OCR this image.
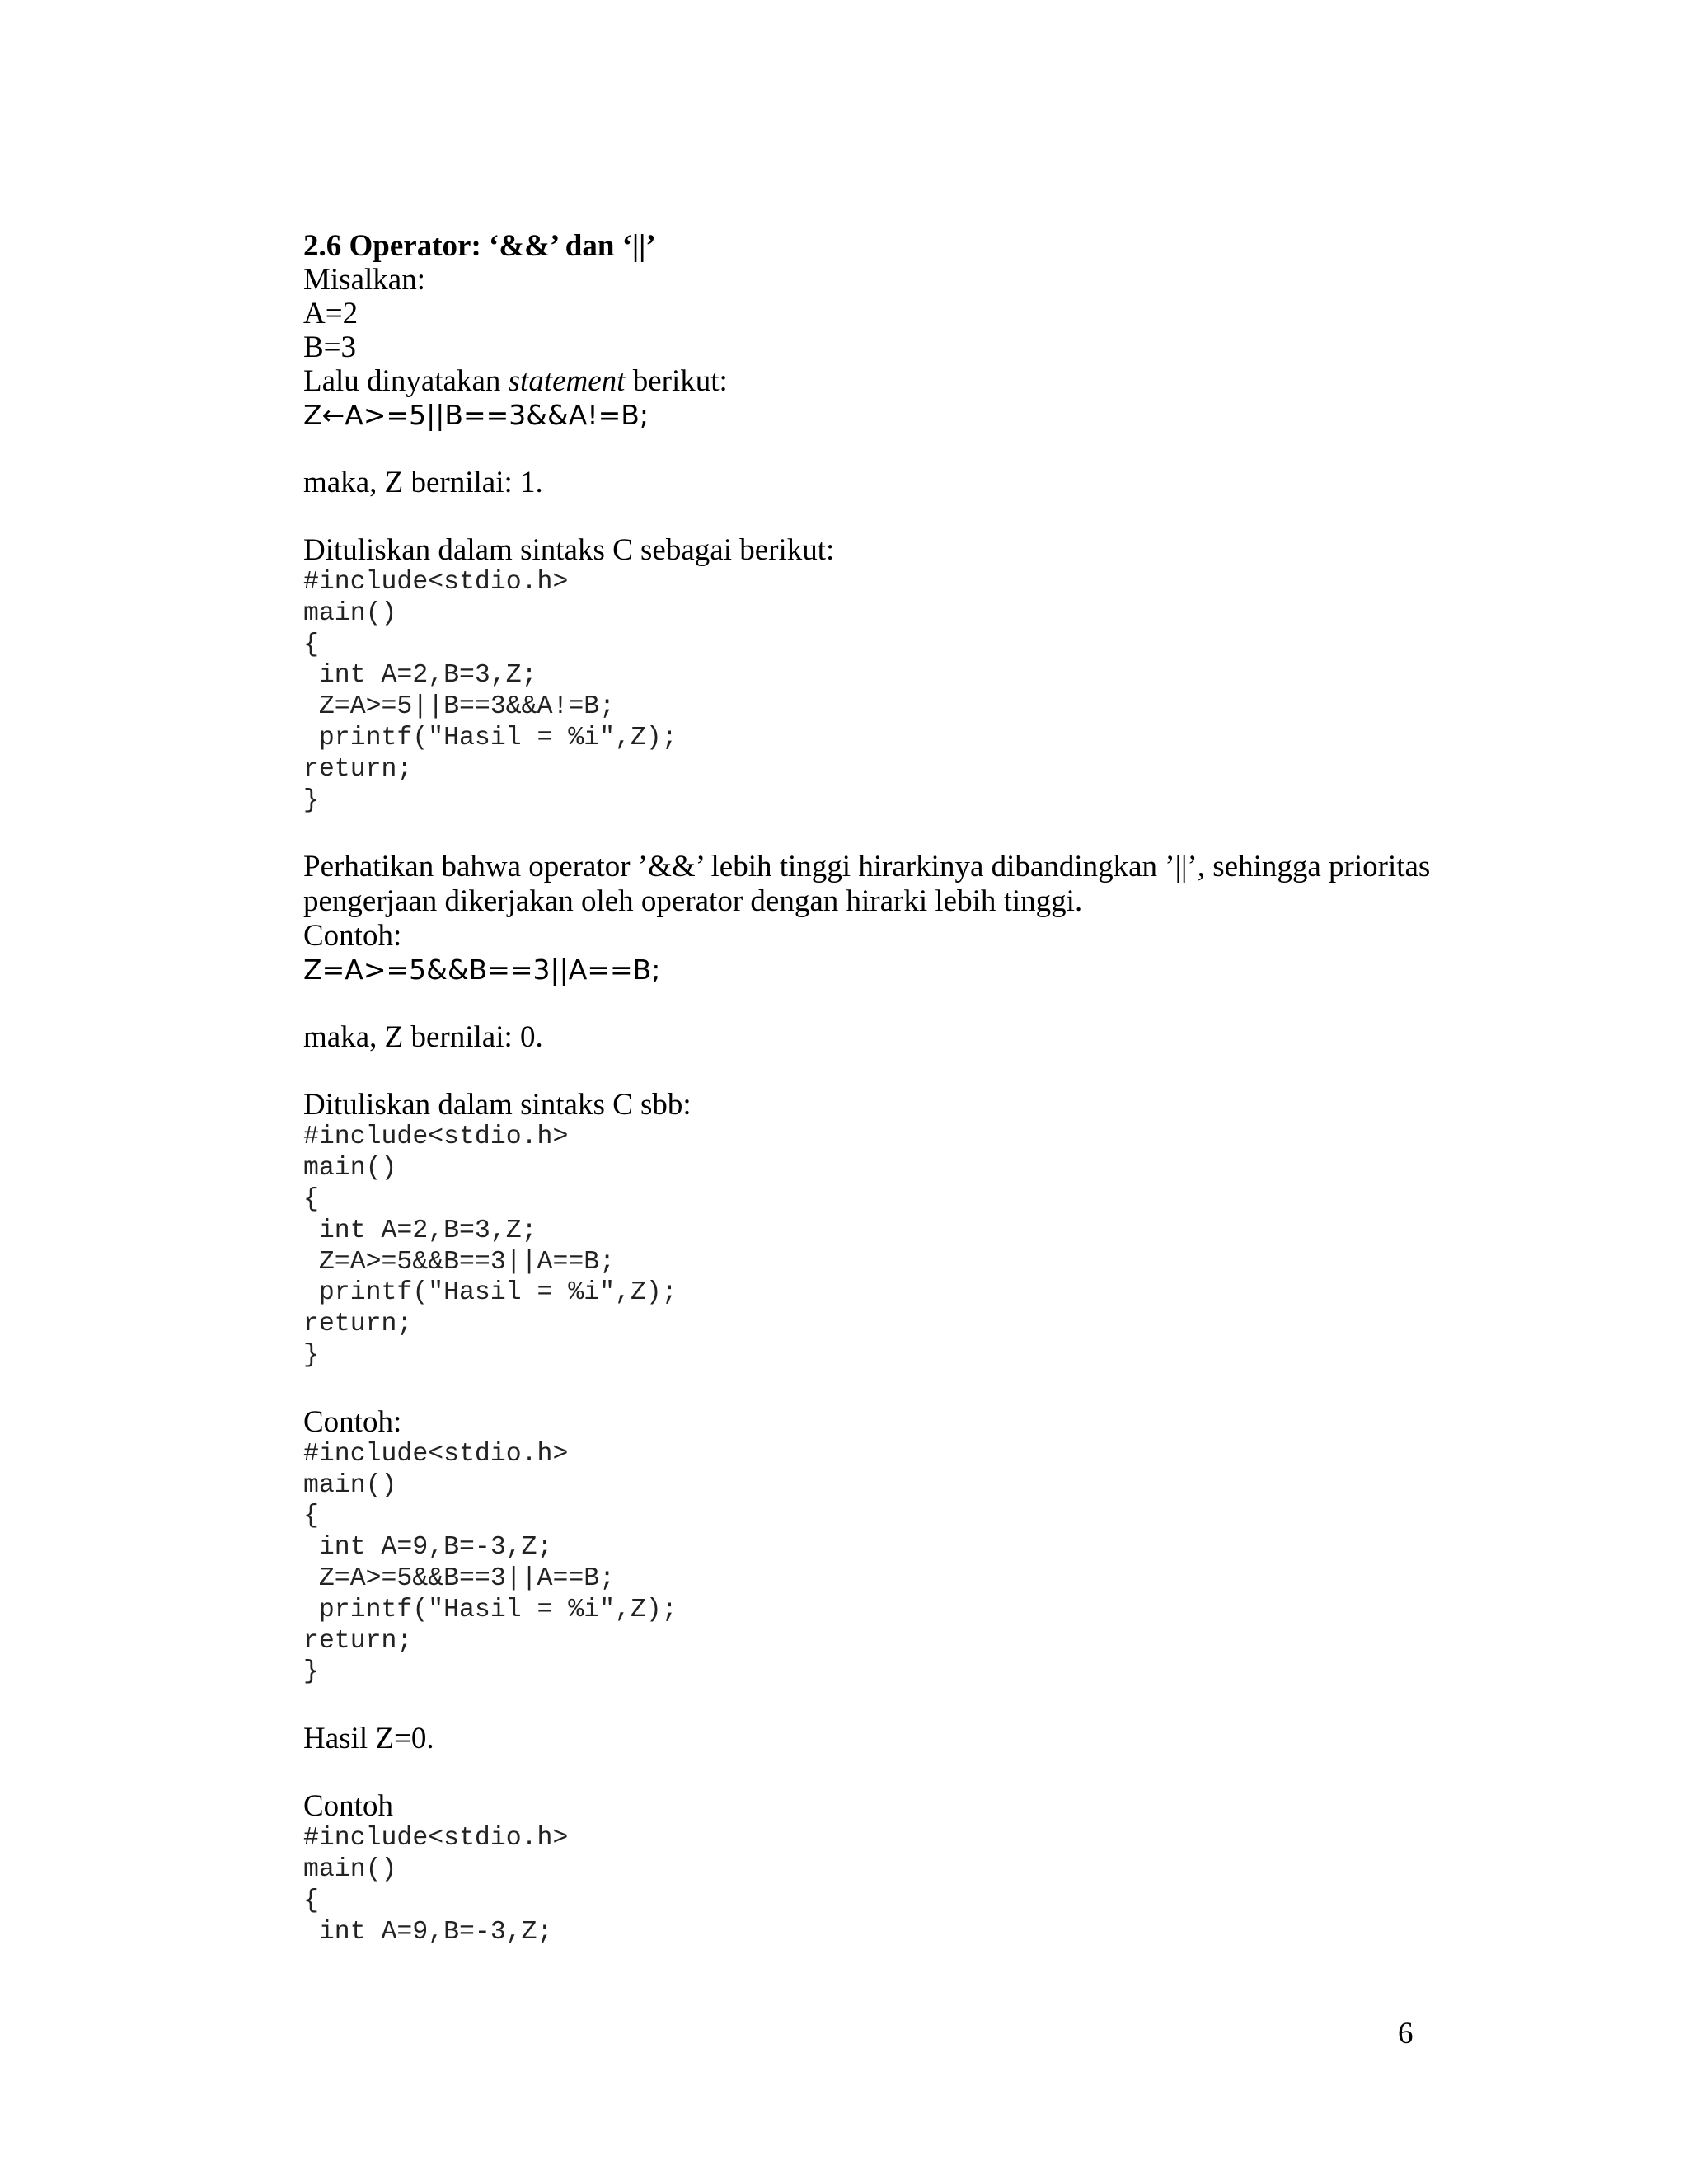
2.6 Operator: ‘&&’ dan ‘||’

Misalkan:

A=2

B=3

Lalu dinyatakan statement berikut:

Z←A>=5||B==3&&A!=B;

maka, Z bernilai: 1.

Dituliskan dalam sintaks C sebagai berikut:

#include<stdio.h>

main()

{

int A=2,B=3,Z;

Z=A>=5||B==3&&A!=B;

printf("Hasil = %i",Z);

return;

}

Perhatikan bahwa operator ’&&’ lebih tinggi hirarkinya dibandingkan ’||’, sehingga prioritas pengerjaan dikerjakan oleh operator dengan hirarki lebih tinggi.

Contoh:

Z=A>=5&&B==3||A==B;

maka, Z bernilai: 0.

Dituliskan dalam sintaks C sbb:

#include<stdio.h>

main()

{

int A=2,B=3,Z;

Z=A>=5&&B==3||A==B;

printf("Hasil = %i",Z);

return;

}

Contoh:

#include<stdio.h>

main()

{

int A=9,B=-3,Z;

Z=A>=5&&B==3||A==B;

printf("Hasil = %i",Z);

return;

}

Hasil Z=0.

Contoh

#include<stdio.h>

main()

{

int A=9,B=-3,Z;

6
